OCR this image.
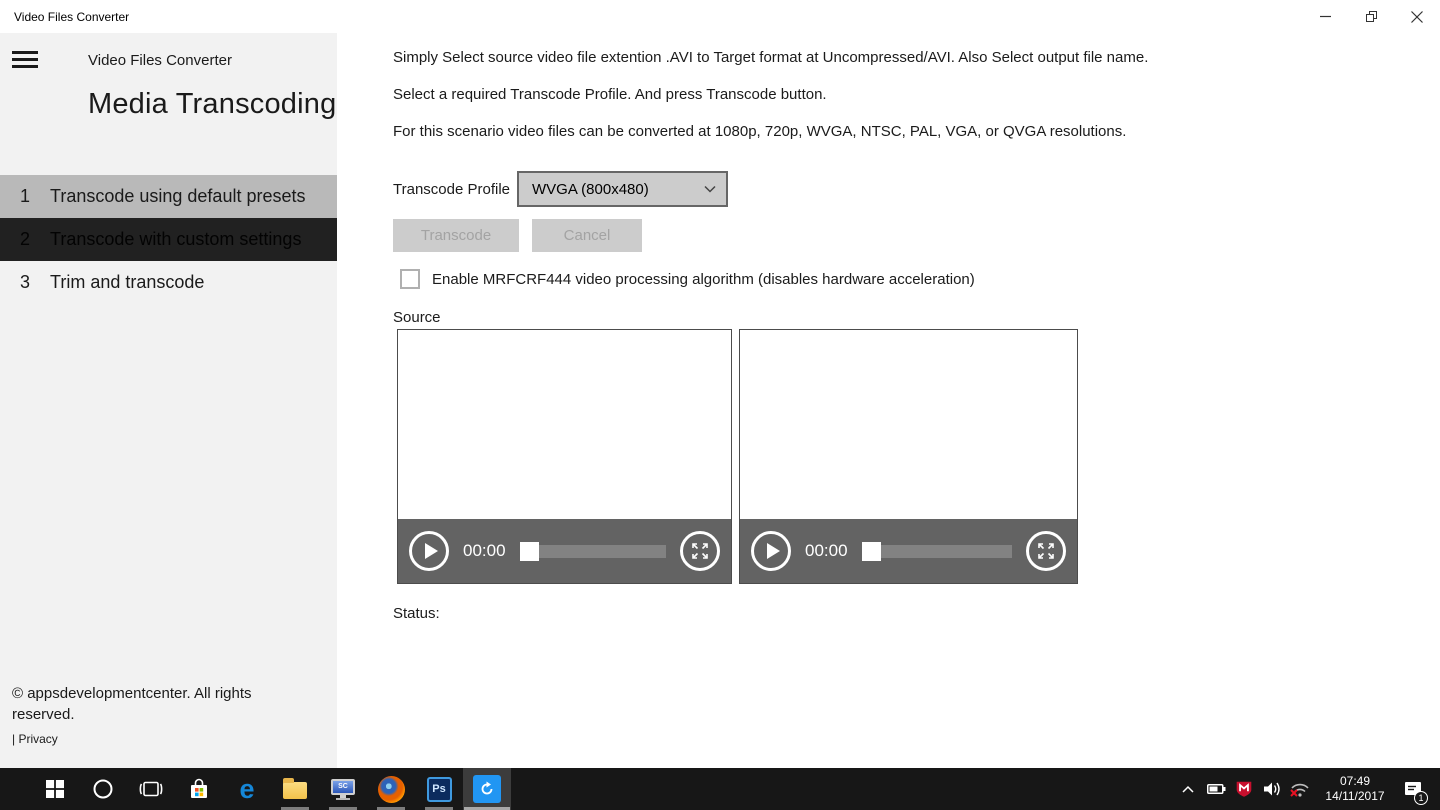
Video Files Converter
Video Files Converter
Media Transcoding
1	Transcode using default presets
2	Transcode with custom settings
3	Trim and transcode
© appsdevelopmentcenter. All rights reserved.
| Privacy

Simply Select source video file extention .AVI to Target format at Uncompressed/AVI. Also Select output file name.

Select a required Transcode Profile. And press Transcode button.

For this scenario video files can be converted at 1080p, 720p, WVGA, NTSC, PAL, VGA, or QVGA resolutions.

Transcode Profile WVGA (800x480)
Transcode	Cancel
Enable MRFCRF444 video processing algorithm (disables hardware acceleration)
Source
00:00	00:00
Status:
e	SC	Ps
07:49
14/11/2017	1
